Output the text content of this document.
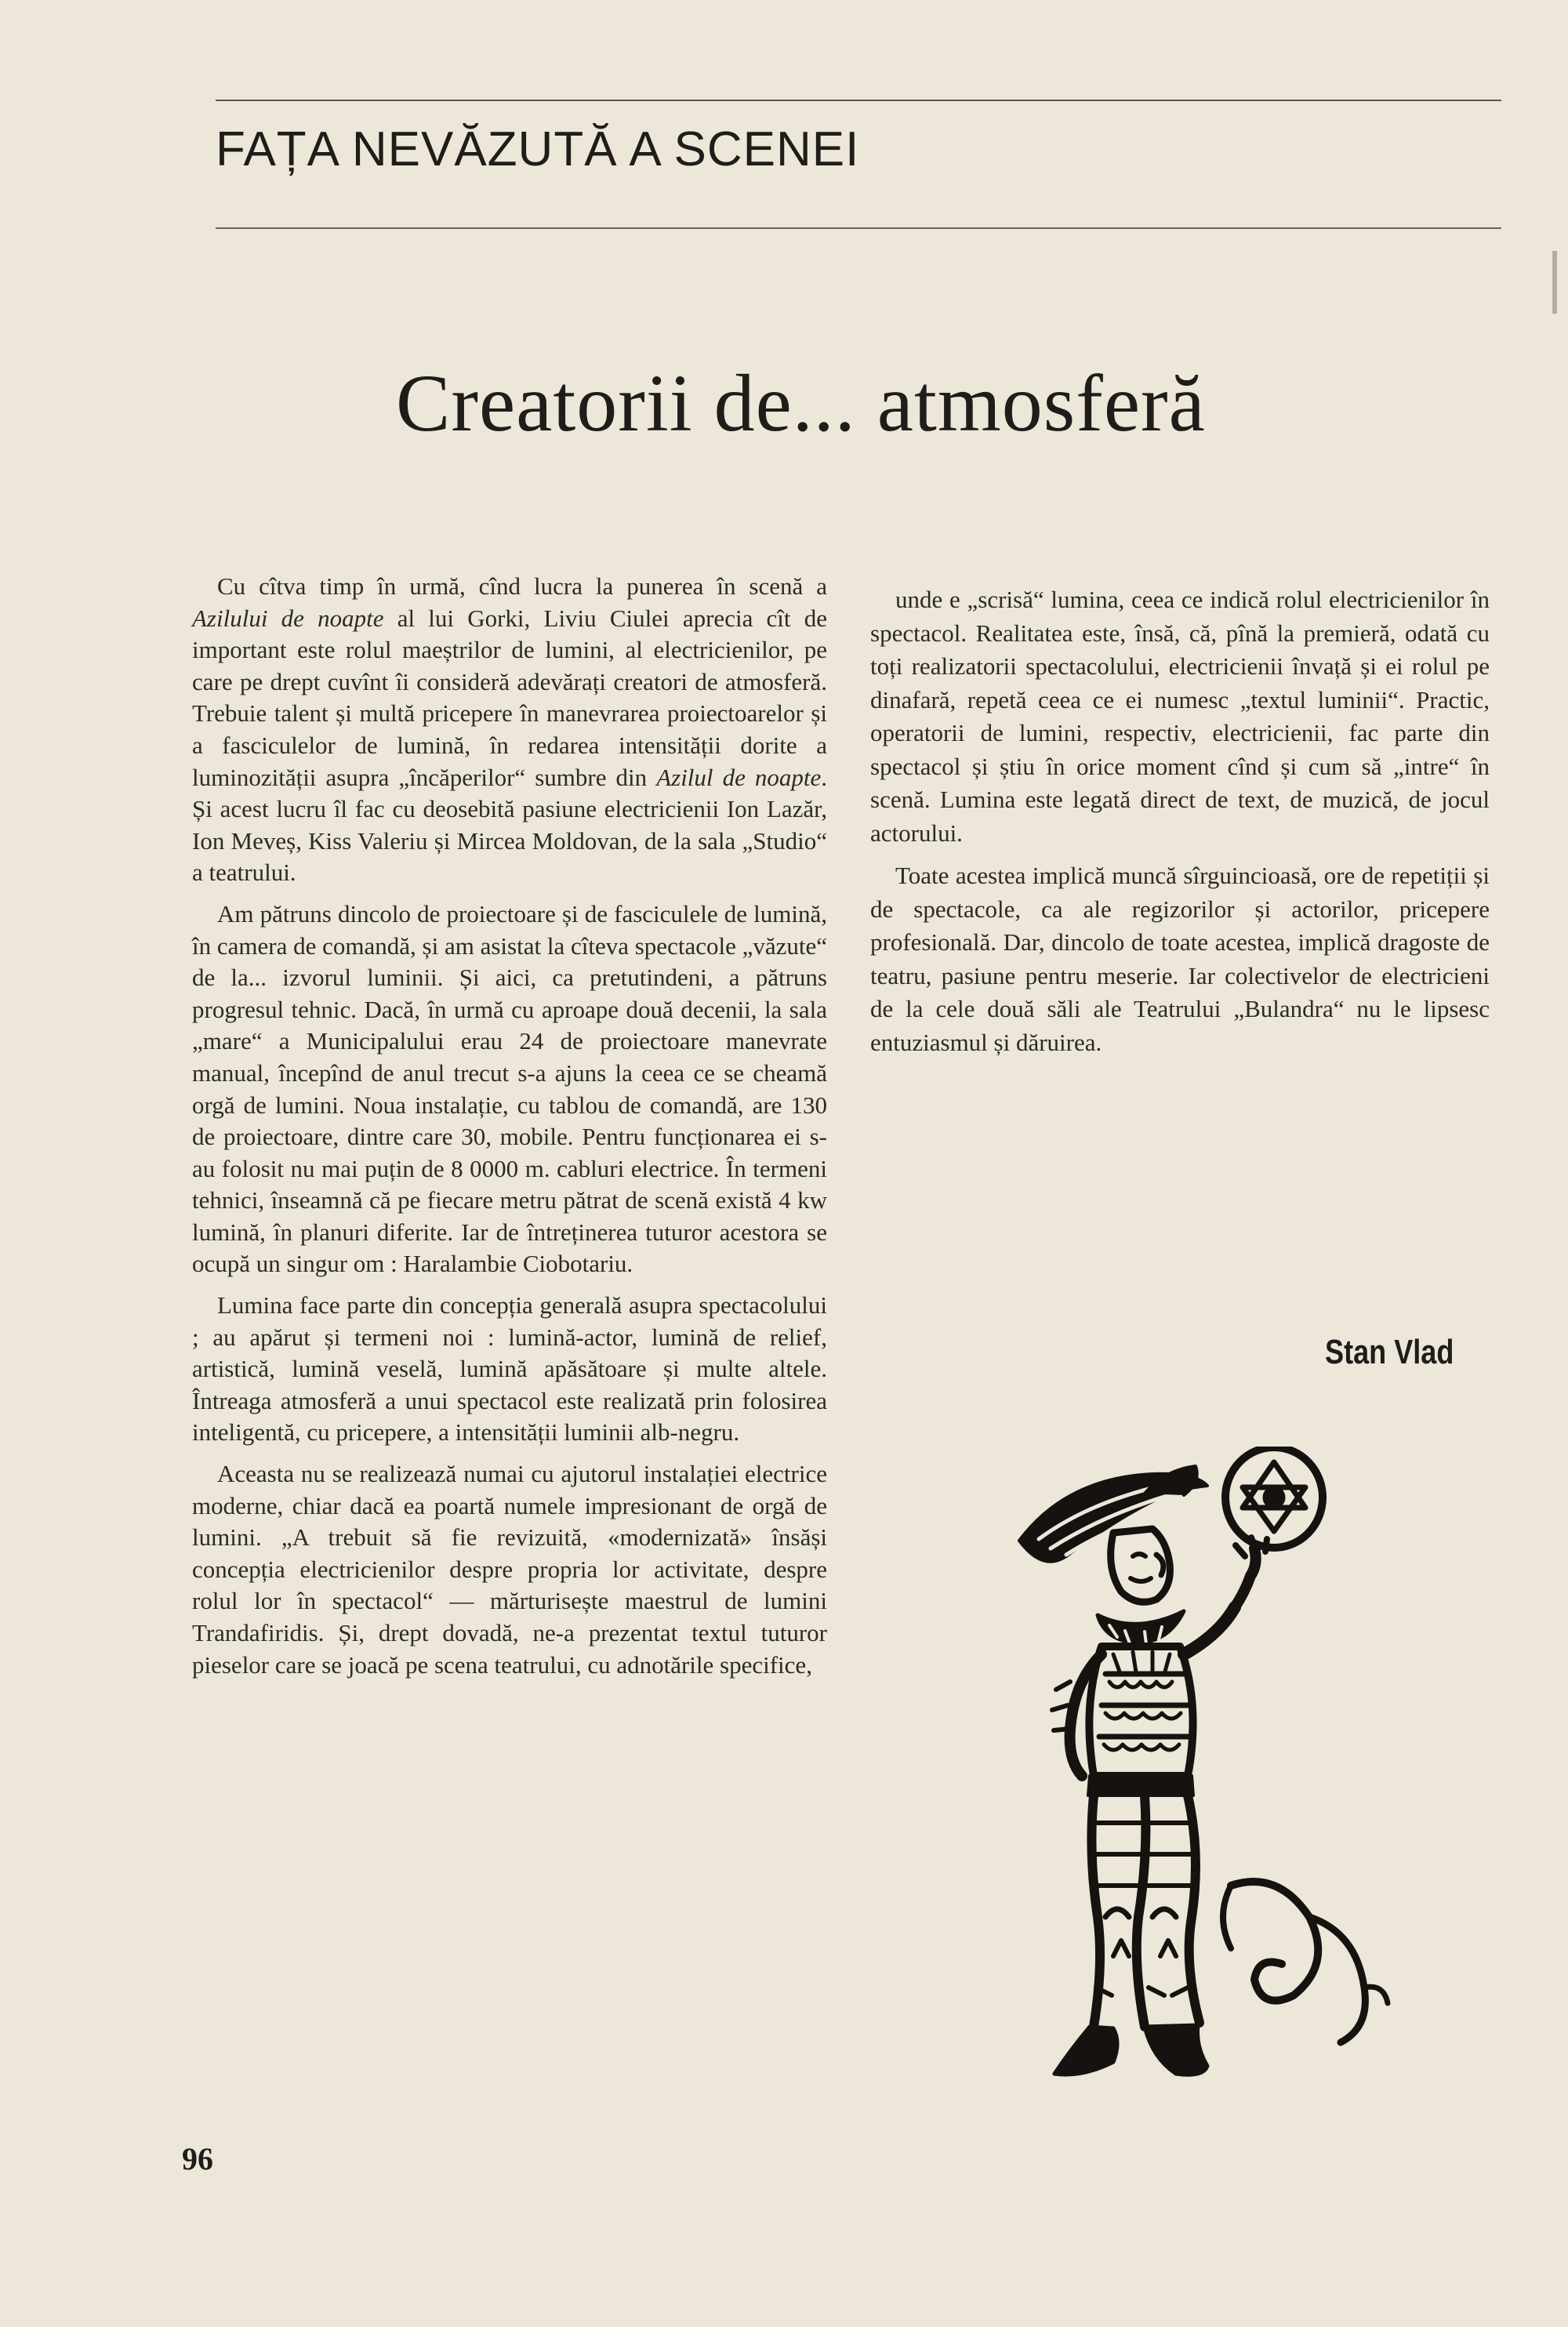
FAȚA NEVĂZUTĂ A SCENEI
Creatorii de... atmosferă

Cu cîtva timp în urmă, cînd lucra la punerea în scenă a Azilului de noapte al lui Gorki, Liviu Ciulei aprecia cît de important este rolul maeștrilor de lumini, al electricienilor, pe care pe drept cuvînt îi consideră adevărați creatori de atmosferă. Trebuie talent și multă pricepere în manevrarea proiectoarelor și a fasciculelor de lumină, în redarea intensității dorite a luminozității asupra „încăperilor“ sumbre din Azilul de noapte. Și acest lucru îl fac cu deosebită pasiune electricienii Ion Lazăr, Ion Meveș, Kiss Valeriu și Mircea Moldovan, de la sala „Studio“ a teatrului.

Am pătruns dincolo de proiectoare și de fasciculele de lumină, în camera de comandă, și am asistat la cîteva spectacole „văzute“ de la... izvorul luminii. Și aici, ca pretutindeni, a pătruns progresul tehnic. Dacă, în urmă cu aproape două decenii, la sala „mare“ a Municipalului erau 24 de proiectoare manevrate manual, începînd de anul trecut s-a ajuns la ceea ce se cheamă orgă de lumini. Noua instalație, cu tablou de comandă, are 130 de proiectoare, dintre care 30, mobile. Pentru funcționarea ei s-au folosit nu mai puțin de 8 0000 m. cabluri electrice. În termeni tehnici, înseamnă că pe fiecare metru pătrat de scenă există 4 kw lumină, în planuri diferite. Iar de întreținerea tuturor acestora se ocupă un singur om : Haralambie Ciobotariu.

Lumina face parte din concepția generală asupra spectacolului ; au apărut și termeni noi : lumină-actor, lumină de relief, artistică, lumină veselă, lumină apăsătoare și multe altele. Întreaga atmosferă a unui spectacol este realizată prin folosirea inteligentă, cu pricepere, a intensității luminii alb-negru.

Aceasta nu se realizează numai cu ajutorul instalației electrice moderne, chiar dacă ea poartă numele impresionant de orgă de lumini. „A trebuit să fie revizuită, «modernizată» însăși concepția electricienilor despre propria lor activitate, despre rolul lor în spectacol“ — mărturisește maestrul de lumini Trandafiridis. Și, drept dovadă, ne-a prezentat textul tuturor pieselor care se joacă pe scena teatrului, cu adnotările specifice,

unde e „scrisă“ lumina, ceea ce indică rolul electricienilor în spectacol. Realitatea este, însă, că, pînă la premieră, odată cu toți realizatorii spectacolului, electricienii învață și ei rolul pe dinafară, repetă ceea ce ei numesc „textul luminii“. Practic, operatorii de lumini, respectiv, electricienii, fac parte din spectacol și știu în orice moment cînd și cum să „intre“ în scenă. Lumina este legată direct de text, de muzică, de jocul actorului.

Toate acestea implică muncă sîrguincioasă, ore de repetiții și de spectacole, ca ale regizorilor și actorilor, pricepere profesională. Dar, dincolo de toate acestea, implică dragoste de teatru, pasiune pentru meserie. Iar colectivelor de electricieni de la cele două săli ale Teatrului „Bulandra“ nu le lipsesc entuziasmul și dăruirea.

Stan Vlad
96
